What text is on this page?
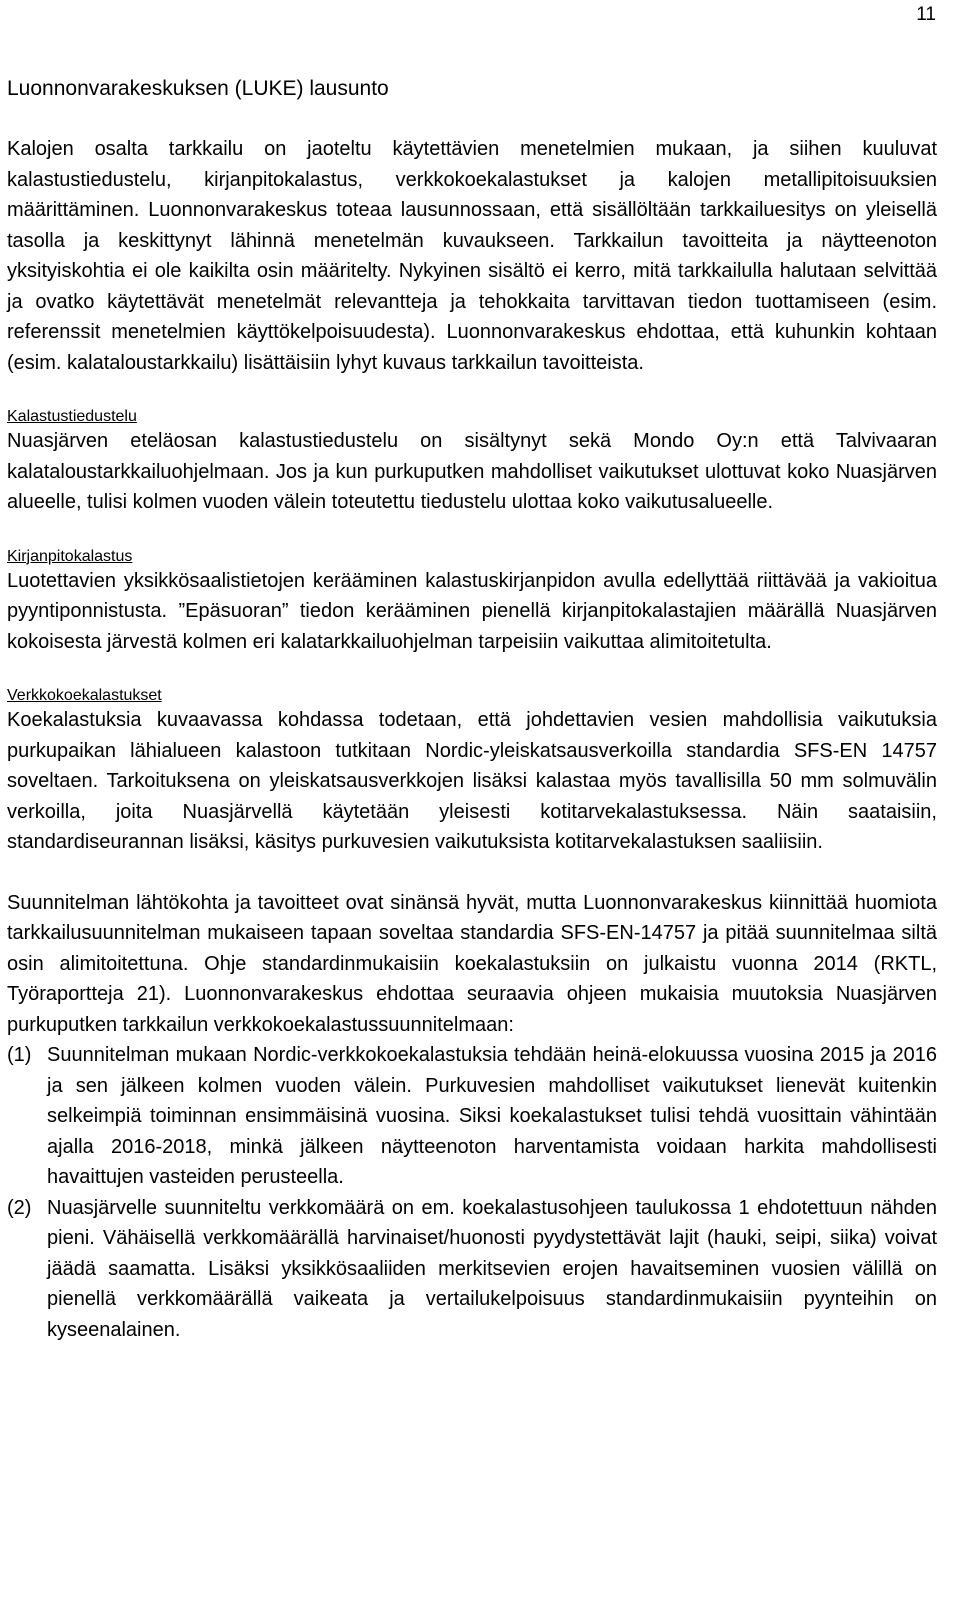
11
Luonnonvarakeskuksen (LUKE) lausunto

Kalojen osalta tarkkailu on jaoteltu käytettävien menetelmien mukaan, ja siihen kuuluvat kalastustiedustelu, kirjanpitokalastus, verkkokoekalastukset ja kalojen metallipitoisuuksien määrittäminen. Luonnonvarakeskus toteaa lausunnossaan, että sisällöltään tarkkailuesitys on yleisellä tasolla ja keskittynyt lähinnä menetelmän kuvaukseen. Tarkkailun tavoitteita ja näytteenoton yksityiskohtia ei ole kaikilta osin määritelty. Nykyinen sisältö ei kerro, mitä tarkkailulla halutaan selvittää ja ovatko käytettävät menetelmät relevantteja ja tehokkaita tarvittavan tiedon tuottamiseen (esim. referenssit menetelmien käyttökelpoisuudesta). Luonnonvarakeskus ehdottaa, että kuhunkin kohtaan (esim. kalataloustarkkailu) lisättäisiin lyhyt kuvaus tarkkailun tavoitteista.

Kalastustiedustelu

Nuasjärven eteläosan kalastustiedustelu on sisältynyt sekä Mondo Oy:n että Talvivaaran kalataloustarkkailuohjelmaan. Jos ja kun purkuputken mahdolliset vaikutukset ulottuvat koko Nuasjärven alueelle, tulisi kolmen vuoden välein toteutettu tiedustelu ulottaa koko vaikutusalueelle.

Kirjanpitokalastus

Luotettavien yksikkösaalistietojen kerääminen kalastuskirjanpidon avulla edellyttää riittävää ja vakioitua pyyntiponnistusta. ”Epäsuoran” tiedon kerääminen pienellä kirjanpitokalastajien määrällä Nuasjärven kokoisesta järvestä kolmen eri kalatarkkailuohjelman tarpeisiin vaikuttaa alimitoitetulta.

Verkkokoekalastukset

Koekalastuksia kuvaavassa kohdassa todetaan, että johdettavien vesien mahdollisia vaikutuksia purkupaikan lähialueen kalastoon tutkitaan Nordic-yleiskatsausverkoilla standardia SFS-EN 14757 soveltaen. Tarkoituksena on yleiskatsausverkkojen lisäksi kalastaa myös tavallisilla 50 mm solmuvälin verkoilla, joita Nuasjärvellä käytetään yleisesti kotitarvekalastuksessa. Näin saataisiin, standardiseurannan lisäksi, käsitys purkuvesien vaikutuksista kotitarvekalastuksen saaliisiin.

Suunnitelman lähtökohta ja tavoitteet ovat sinänsä hyvät, mutta Luonnonvarakeskus kiinnittää huomiota tarkkailusuunnitelman mukaiseen tapaan soveltaa standardia SFS-EN-14757 ja pitää suunnitelmaa siltä osin alimitoitettuna. Ohje standardinmukaisiin koekalastuksiin on julkaistu vuonna 2014 (RKTL, Työraportteja 21). Luonnonvarakeskus ehdottaa seuraavia ohjeen mukaisia muutoksia Nuasjärven purkuputken tarkkailun verkkokoekalastussuunnitelmaan:

(1) Suunnitelman mukaan Nordic-verkkokoekalastuksia tehdään heinä-elokuussa vuosina 2015 ja 2016 ja sen jälkeen kolmen vuoden välein. Purkuvesien mahdolliset vaikutukset lienevät kuitenkin selkeimpiä toiminnan ensimmäisinä vuosina. Siksi koekalastukset tulisi tehdä vuosittain vähintään ajalla 2016-2018, minkä jälkeen näytteenoton harventamista voidaan harkita mahdollisesti havaittujen vasteiden perusteella.
(2) Nuasjärvelle suunniteltu verkkomäärä on em. koekalastusohjeen taulukossa 1 ehdotettuun nähden pieni. Vähäisellä verkkomäärällä harvinaiset/huonosti pyydystettävät lajit (hauki, seipi, siika) voivat jäädä saamatta. Lisäksi yksikkösaaliiden merkitsevien erojen havaitseminen vuosien välillä on pienellä verkkomäärällä vaikeata ja vertailukelpoisuus standardinmukaisiin pyynteihin on kyseenalainen.
